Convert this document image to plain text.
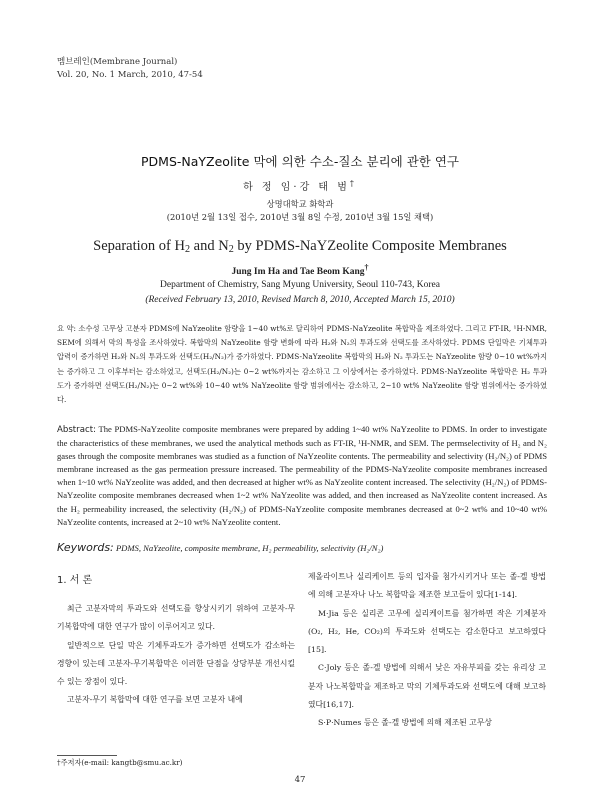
멤브레인(Membrane Journal)
Vol. 20, No. 1 March, 2010, 47-54
PDMS-NaYZeolite 막에 의한 수소-질소 분리에 관한 연구
하 정 임·강 태 범†
상명대학교 화학과
(2010년 2월 13일 접수, 2010년 3월 8일 수정, 2010년 3월 15일 채택)
Separation of $H_2$ and $N_2$ by PDMS-NaYZeolite Composite Membranes
Jung Im Ha and Tae Beom Kang†
Department of Chemistry, Sang Myung University, Seoul 110-743, Korea
(Received February 13, 2010, Revised March 8, 2010, Accepted March 15, 2010)
요 약: 소수성 고무상 고분자 PDMS에 NaYzeolite 함량을 1~40 wt%로 달리하여 PDMS-NaYzeolite 복합막을 제조하였다. 그리고 FT-IR, ¹H-NMR, SEM에 의해서 막의 특성을 조사하였다. 복합막의 NaYzeolite 함량 변화에 따라 H₂와 N₂의 투과도와 선택도를 조사하였다. PDMS 단일막은 기체투과 압력이 증가하면 H₂와 N₂의 투과도와 선택도(H₂/N₂)가 증가하였다. PDMS-NaYzeolite 복합막의 H₂와 N₂ 투과도는 NaYzeolite 함량 0~10 wt%까지는 증가하고 그 이후부터는 감소하였고, 선택도(H₂/N₂)는 0~2 wt%까지는 감소하고 그 이상에서는 증가하였다. PDMS-NaYzeolite 복합막은 H₂ 투과도가 증가하면 선택도(H₂/N₂)는 0~2 wt%와 10~40 wt% NaYzeolite 함량 범위에서는 감소하고, 2~10 wt% NaYzeolite 함량 범위에서는 증가하였다.
Abstract: The PDMS-NaYzeolite composite membranes were prepared by adding 1~40 wt% NaYzeolite to PDMS. In order to investigate the characteristics of these membranes, we used the analytical methods such as FT-IR, ¹H-NMR, and SEM. The permselectivity of H₂ and N₂ gases through the composite membranes was studied as a function of NaYzeolite contents. The permeability and selectivity (H₂/N₂) of PDMS membrane increased as the gas permeation pressure increased. The permeability of the PDMS-NaYzeolite composite membranes increased when 1~10 wt% NaYzeolite was added, and then decreased at higher wt% as NaYzeolite content increased. The selectivity (H₂/N₂) of PDMS-NaYzeolite composite membranes decreased when 1~2 wt% NaYzeolite was added, and then increased as NaYzeolite content increased. As the H₂ permeability increased, the selectivity (H₂/N₂) of PDMS-NaYzeolite composite membranes decreased at 0~2 wt% and 10~40 wt% NaYzeolite contents, increased at 2~10 wt% NaYzeolite content.
Keywords: PDMS, NaYzeolite, composite membrane, H₂ permeability, selectivity (H₂/N₂)
1. 서 론

최근 고분자막의 투과도와 선택도를 향상시키기 위하여 고분자-무기복합막에 대한 연구가 많이 이루어지고 있다.

일반적으로 단일 막은 기체투과도가 증가하면 선택도가 감소하는 경향이 있는데 고분자-무기복합막은 이러한 단점을 상당부분 개선시킬 수 있는 장점이 있다.

고분자-무기 복합막에 대한 연구를 보면 고분자 내에

제올라이트나 실리케이트 등의 입자를 첨가시키거나 또는 졸-겔 방법에 의해 고분자나 나노 복합막을 제조한 보고들이 있다[1-14].

M·Jia 등은 실리콘 고무에 실리케이트를 첨가하면 작은 기체분자(O₂, H₂, He, CO₂)의 투과도와 선택도는 감소한다고 보고하였다[15].

C·Joly 등은 졸-겔 방법에 의해서 낮은 자유부피를 갖는 유리상 고분자 나노복합막을 제조하고 막의 기체투과도와 선택도에 대해 보고하였다[16,17].

S·P·Numes 등은 졸-겔 방법에 의해 제조된 고무상

†주저자(e-mail: kangtb@smu.ac.kr)
47
